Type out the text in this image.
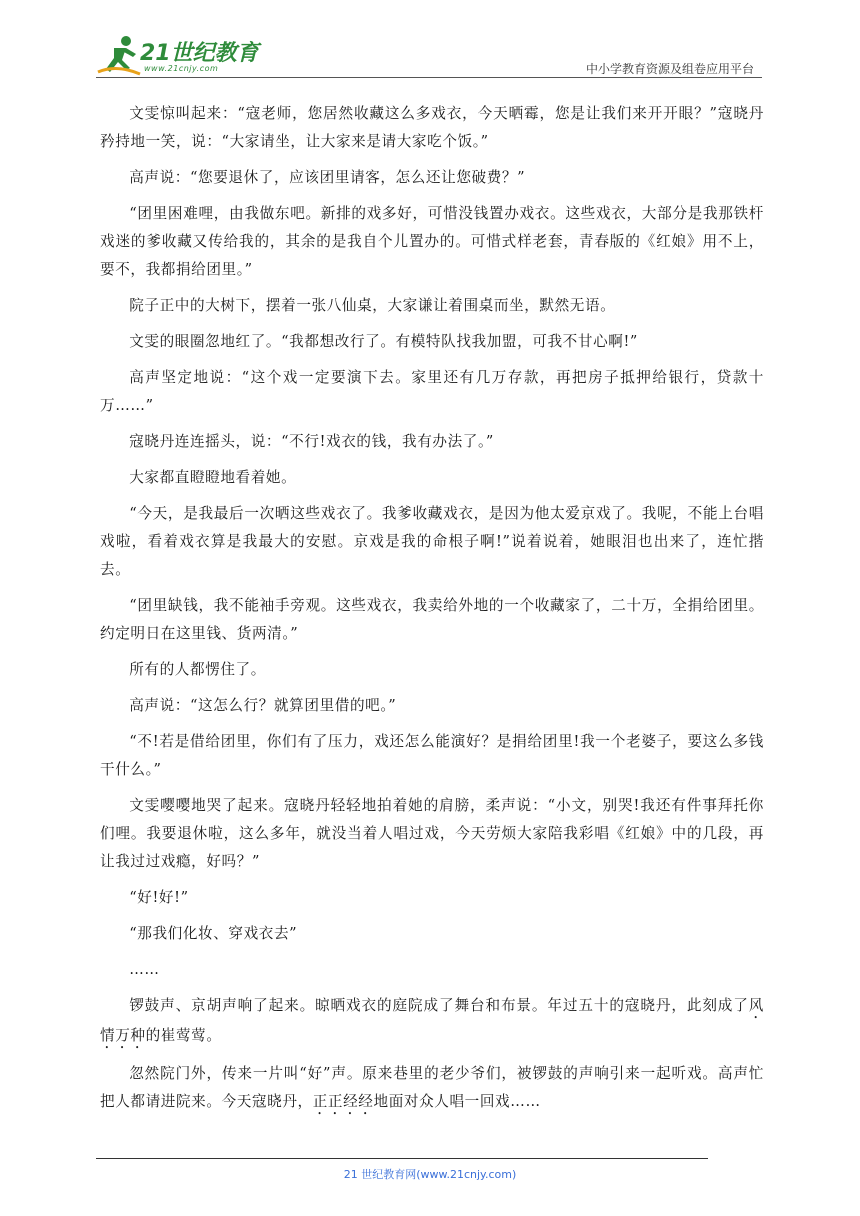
21世纪教育
www.21cnjy.com	中小学教育资源及组卷应用平台

文雯惊叫起来：“寇老师，您居然收藏这么多戏衣，今天晒霉，您是让我们来开开眼？”寇晓丹矜持地一笑，说：“大家请坐，让大家来是请大家吃个饭。”

高声说：“您要退休了，应该团里请客，怎么还让您破费？”

“团里困难哩，由我做东吧。新排的戏多好，可惜没钱置办戏衣。这些戏衣，大部分是我那铁杆戏迷的爹收藏又传给我的，其余的是我自个儿置办的。可惜式样老套，青春版的《红娘》用不上，要不，我都捐给团里。”

院子正中的大树下，摆着一张八仙桌，大家谦让着围桌而坐，默然无语。

文雯的眼圈忽地红了。“我都想改行了。有模特队找我加盟，可我不甘心啊!”

高声坚定地说：“这个戏一定要演下去。家里还有几万存款，再把房子抵押给银行，贷款十万……”

寇晓丹连连摇头，说：“不行!戏衣的钱，我有办法了。”

大家都直瞪瞪地看着她。

“今天，是我最后一次晒这些戏衣了。我爹收藏戏衣，是因为他太爱京戏了。我呢，不能上台唱戏啦，看着戏衣算是我最大的安慰。京戏是我的命根子啊!”说着说着，她眼泪也出来了，连忙揩去。

“团里缺钱，我不能袖手旁观。这些戏衣，我卖给外地的一个收藏家了，二十万，全捐给团里。约定明日在这里钱、货两清。”

所有的人都愣住了。

高声说：“这怎么行？就算团里借的吧。”

“不!若是借给团里，你们有了压力，戏还怎么能演好？是捐给团里!我一个老婆子，要这么多钱干什么。”

文雯嘤嘤地哭了起来。寇晓丹轻轻地拍着她的肩膀，柔声说：“小文，别哭!我还有件事拜托你们哩。我要退休啦，这么多年，就没当着人唱过戏，今天劳烦大家陪我彩唱《红娘》中的几段，再让我过过戏瘾，好吗？”

“好!好!”

“那我们化妆、穿戏衣去”

……

锣鼓声、京胡声响了起来。晾晒戏衣的庭院成了舞台和布景。年过五十的寇晓丹，此刻成了风情万种的崔莺莺。

忽然院门外，传来一片叫“好”声。原来巷里的老少爷们，被锣鼓的声响引来一起听戏。高声忙把人都请进院来。今天寇晓丹，正正经经地面对众人唱一回戏……

21 世纪教育网(www.21cnjy.com)
